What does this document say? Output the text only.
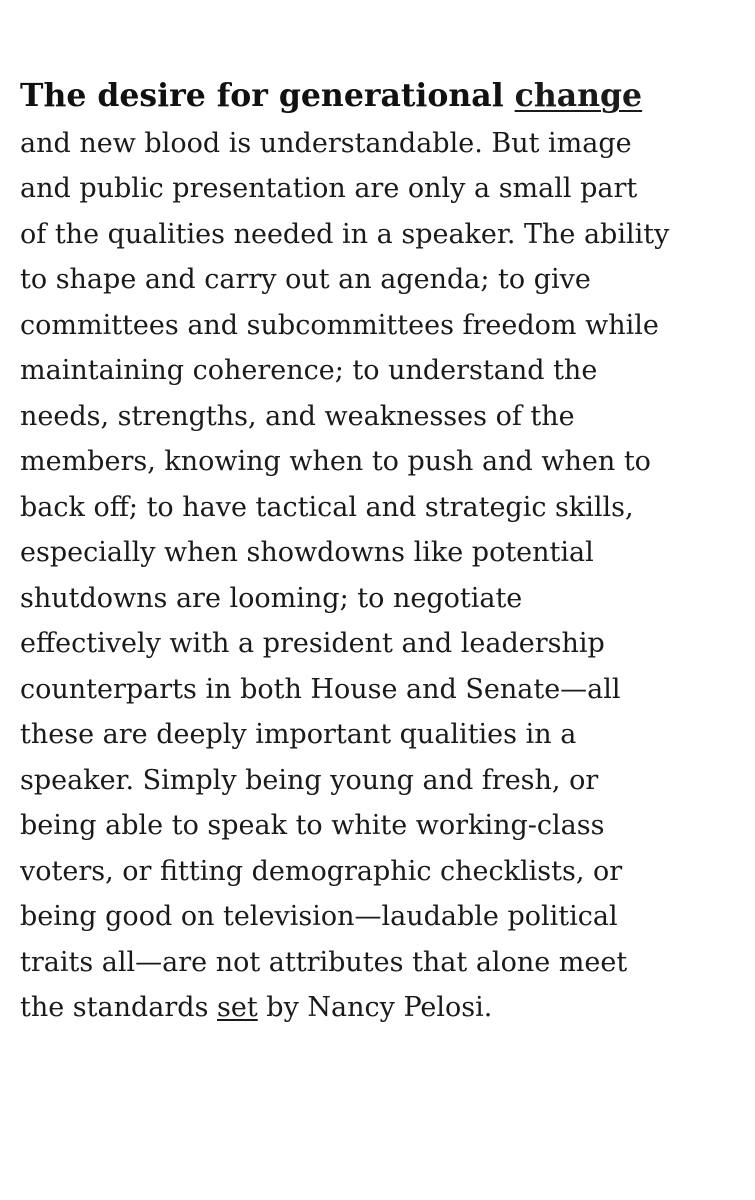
The desire for generational change
and new blood is understandable. But image
and public presentation are only a small part
of the qualities needed in a speaker. The ability
to shape and carry out an agenda; to give
committees and subcommittees freedom while
maintaining coherence; to understand the
needs, strengths, and weaknesses of the
members, knowing when to push and when to
back off; to have tactical and strategic skills,
especially when showdowns like potential
shutdowns are looming; to negotiate
effectively with a president and leadership
counterparts in both House and Senate—all
these are deeply important qualities in a
speaker. Simply being young and fresh, or
being able to speak to white working-class
voters, or fitting demographic checklists, or
being good on television—laudable political
traits all—are not attributes that alone meet
the standards set by Nancy Pelosi.
